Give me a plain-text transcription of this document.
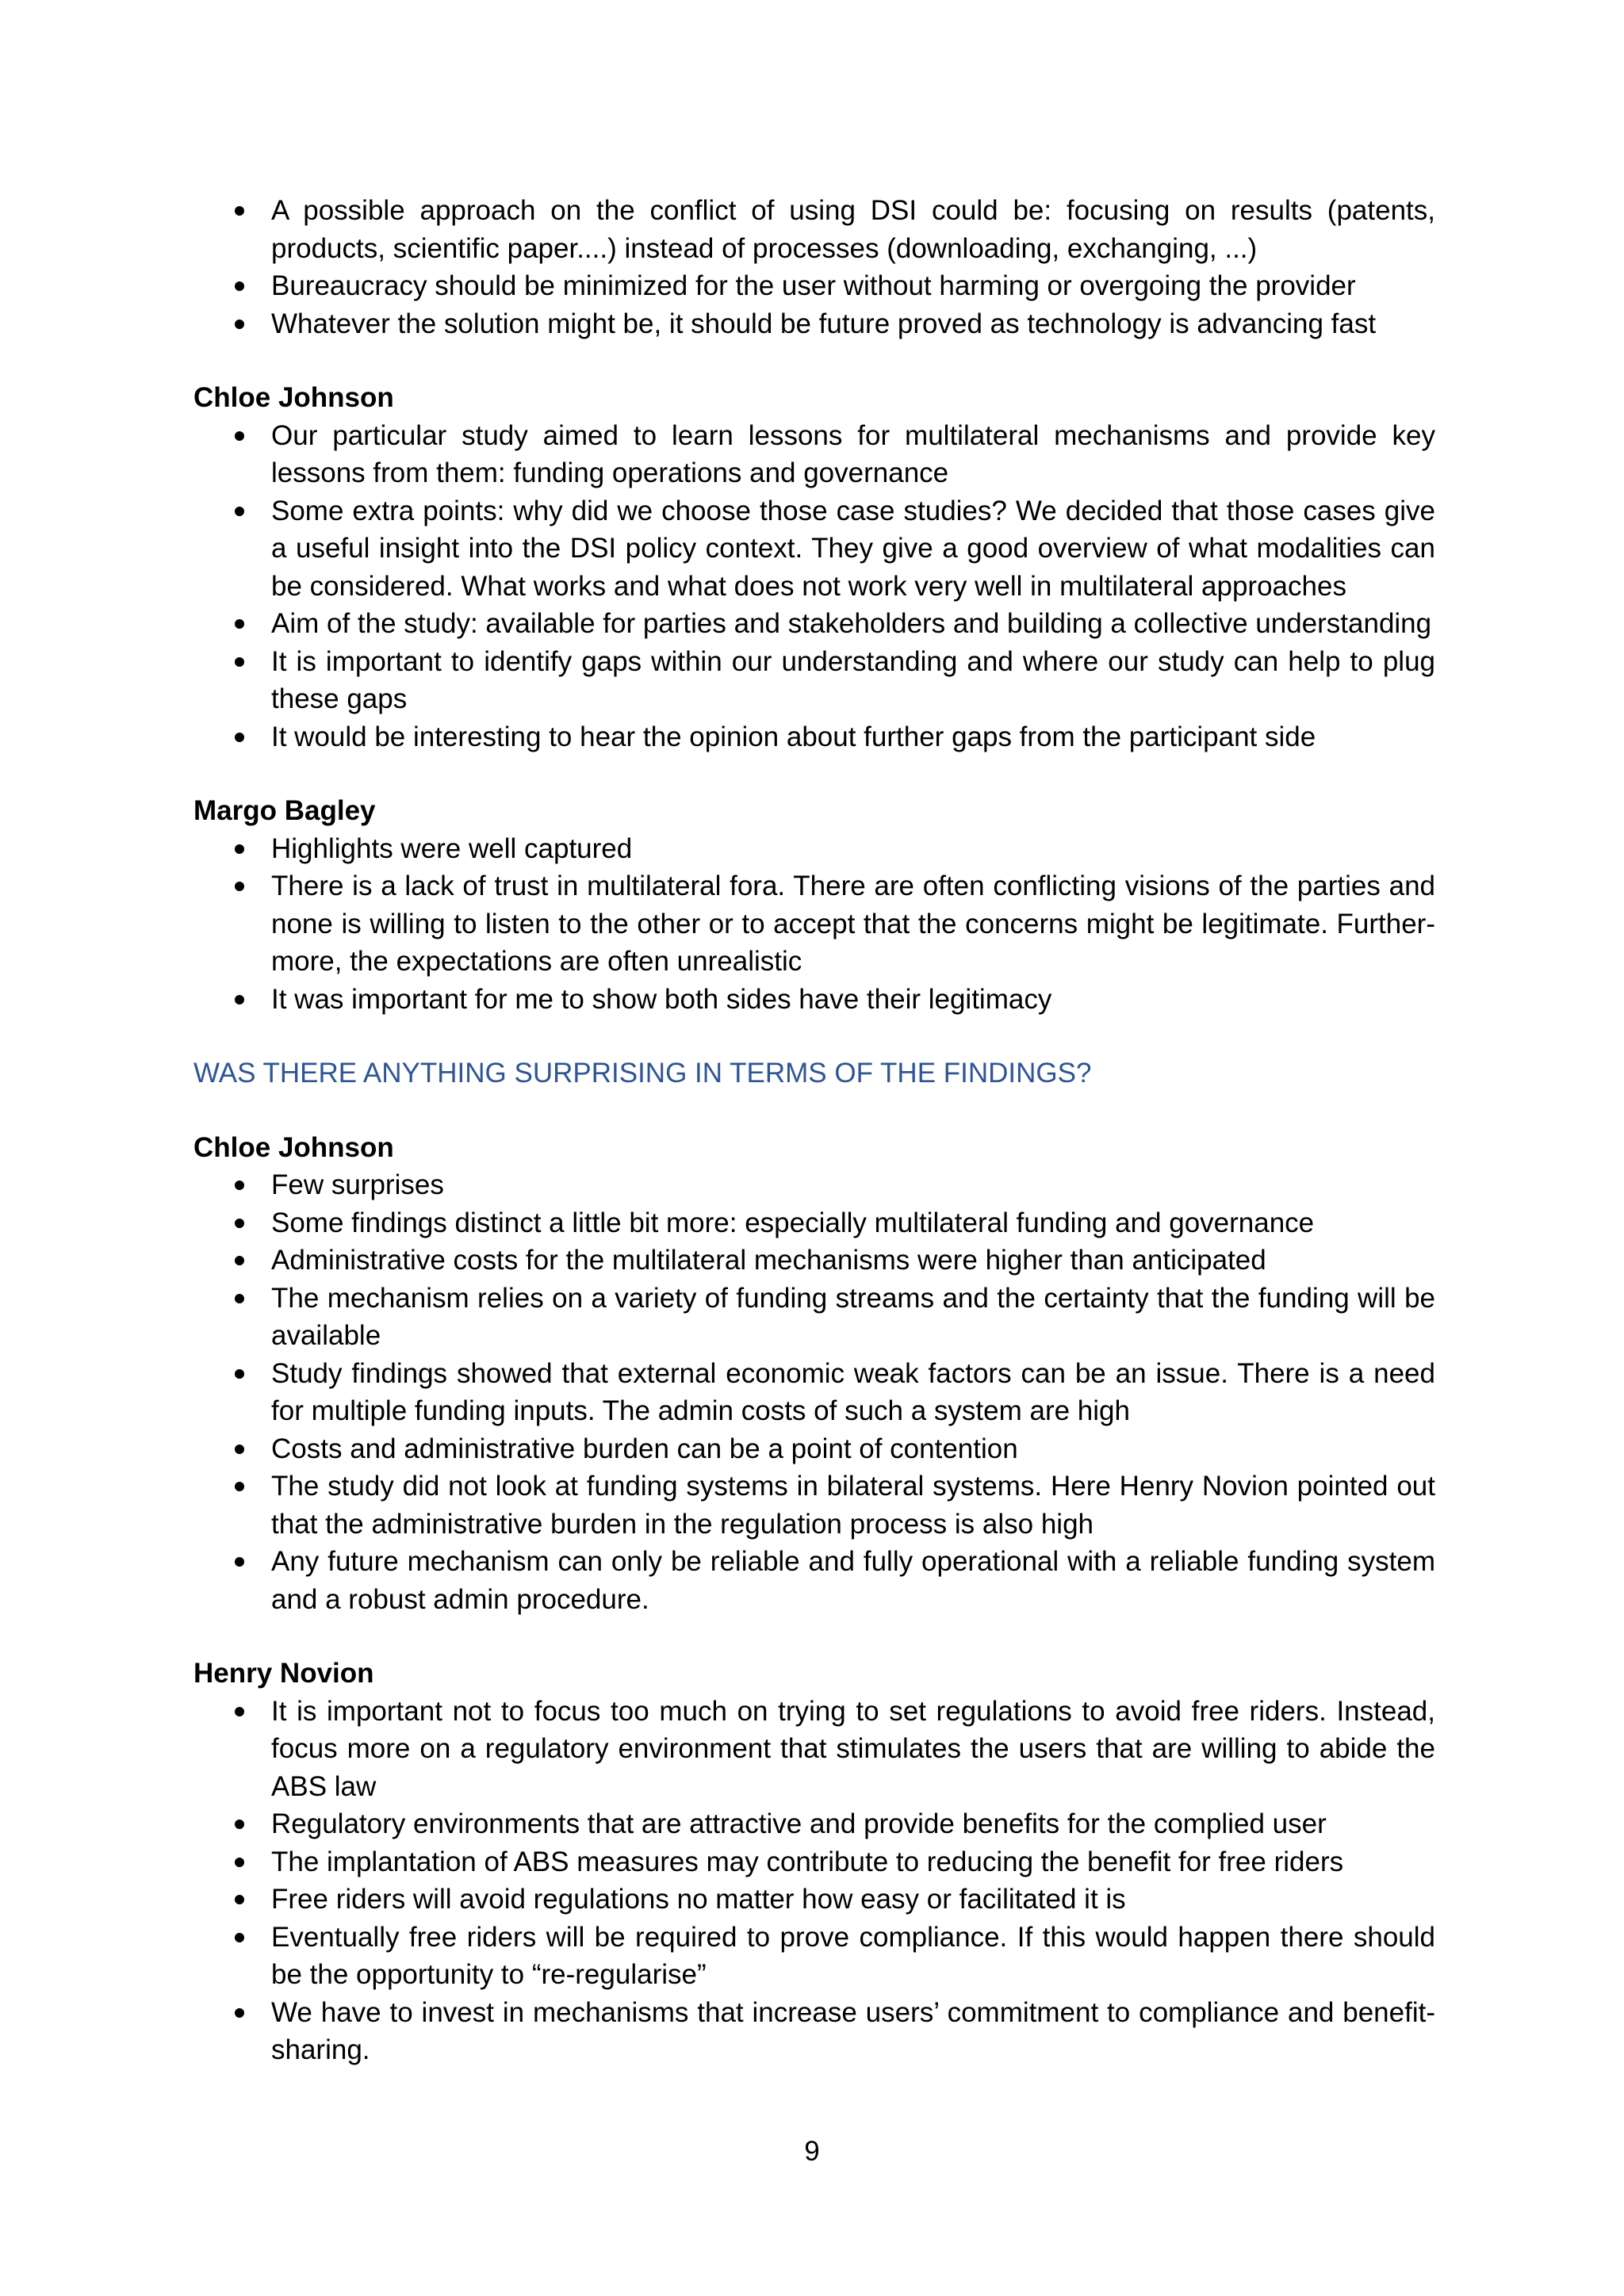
A possible approach on the conflict of using DSI could be: focusing on results (patents, products, scientific paper....) instead of processes (downloading, exchanging, ...)
Bureaucracy should be minimized for the user without harming or overgoing the provider
Whatever the solution might be, it should be future proved as technology is advancing fast

Chloe Johnson

Our particular study aimed to learn lessons for multilateral mechanisms and provide key lessons from them: funding operations and governance
Some extra points: why did we choose those case studies? We decided that those cases give a useful insight into the DSI policy context. They give a good overview of what modalities can be considered. What works and what does not work very well in multilateral approaches
Aim of the study: available for parties and stakeholders and building a collective understanding
It is important to identify gaps within our understanding and where our study can help to plug these gaps
It would be interesting to hear the opinion about further gaps from the participant side

Margo Bagley

Highlights were well captured
There is a lack of trust in multilateral fora. There are often conflicting visions of the parties and none is willing to listen to the other or to accept that the concerns might be legitimate. Furthermore, the expectations are often unrealistic
It was important for me to show both sides have their legitimacy

WAS THERE ANYTHING SURPRISING IN TERMS OF THE FINDINGS?

Chloe Johnson

Few surprises
Some findings distinct a little bit more: especially multilateral funding and governance
Administrative costs for the multilateral mechanisms were higher than anticipated
The mechanism relies on a variety of funding streams and the certainty that the funding will be available
Study findings showed that external economic weak factors can be an issue. There is a need for multiple funding inputs. The admin costs of such a system are high
Costs and administrative burden can be a point of contention
The study did not look at funding systems in bilateral systems. Here Henry Novion pointed out that the administrative burden in the regulation process is also high
Any future mechanism can only be reliable and fully operational with a reliable funding system and a robust admin procedure.

Henry Novion

It is important not to focus too much on trying to set regulations to avoid free riders. Instead, focus more on a regulatory environment that stimulates the users that are willing to abide the ABS law
Regulatory environments that are attractive and provide benefits for the complied user
The implantation of ABS measures may contribute to reducing the benefit for free riders
Free riders will avoid regulations no matter how easy or facilitated it is
Eventually free riders will be required to prove compliance. If this would happen there should be the opportunity to “re-regularise”
We have to invest in mechanisms that increase users’ commitment to compliance and benefit-sharing.
9
